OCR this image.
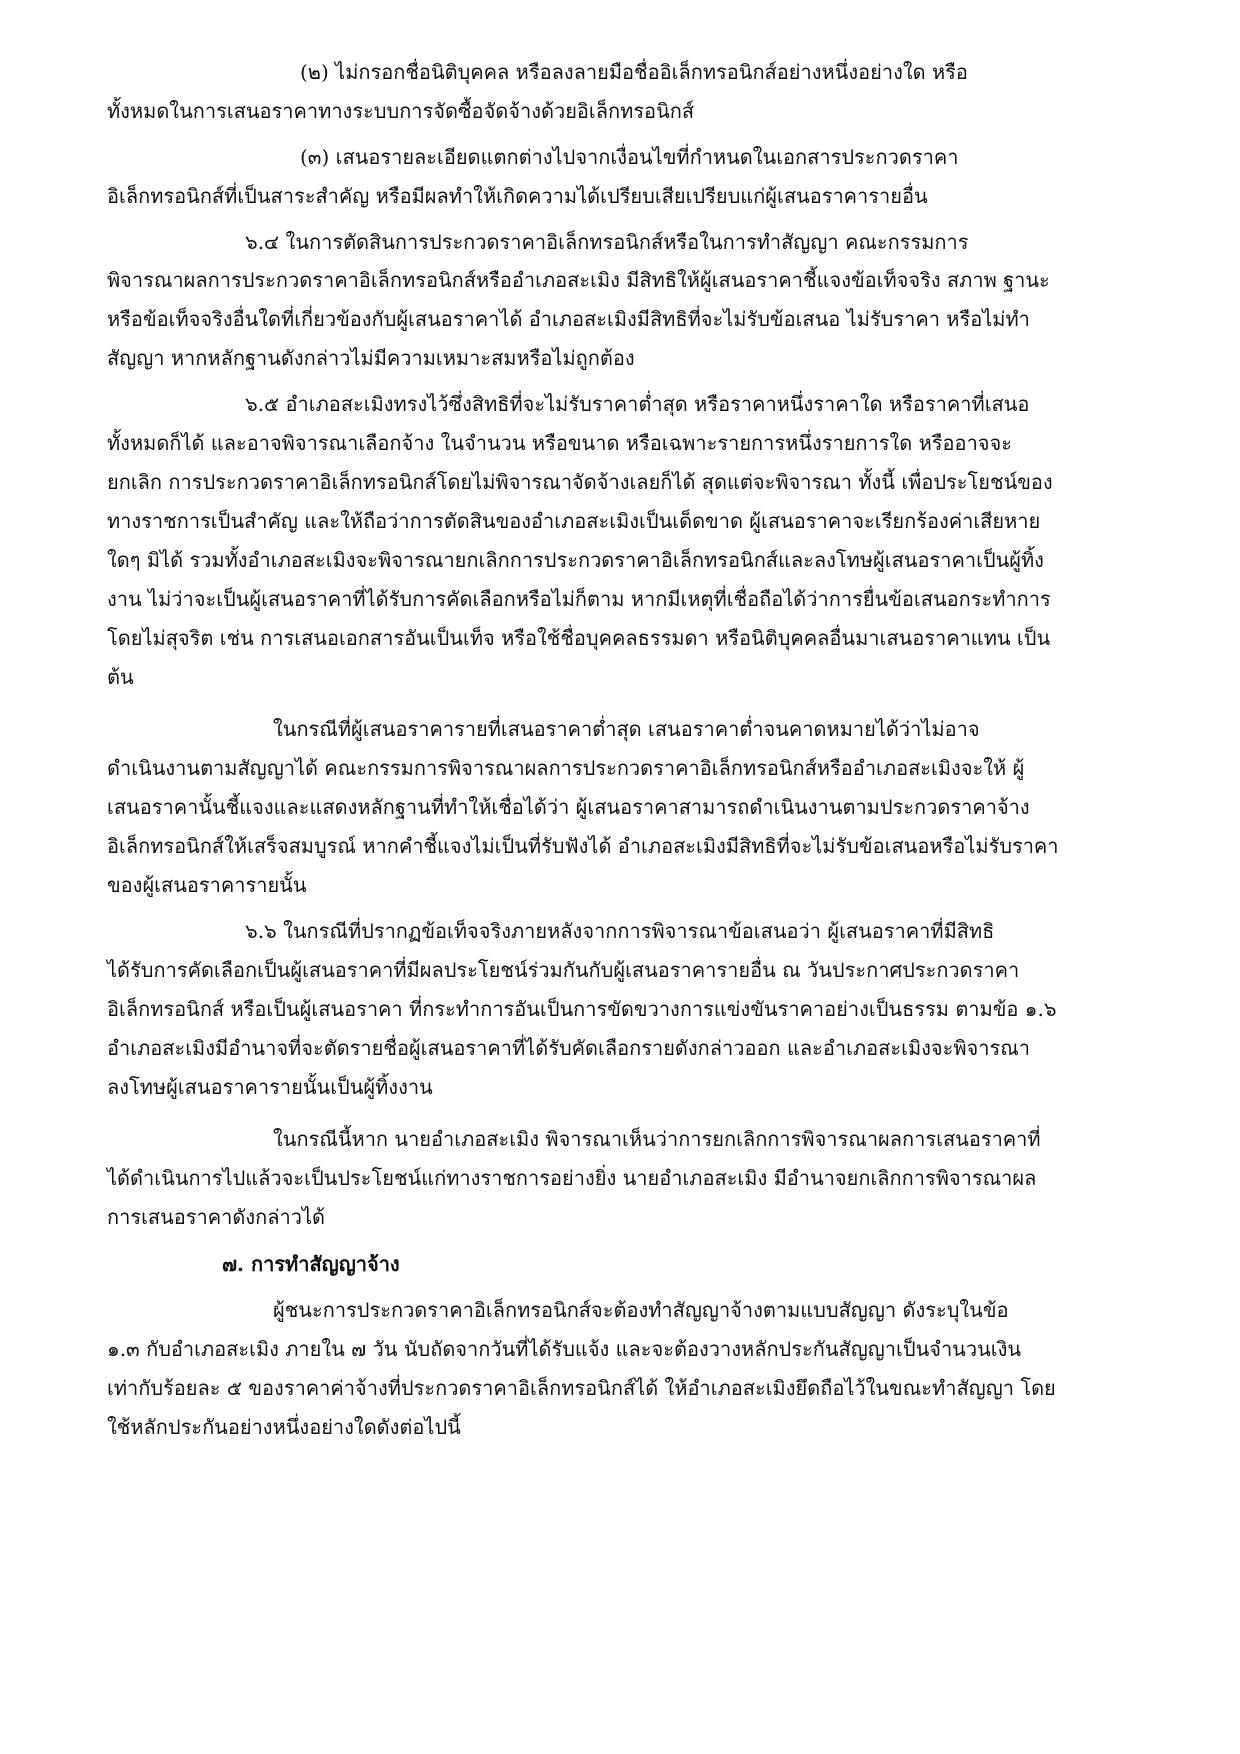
(๒) ไม่กรอกชื่อนิติบุคคล หรือลงลายมือชื่ออิเล็กทรอนิกส์อย่างหนึ่งอย่างใด หรือ
ทั้งหมดในการเสนอราคาทางระบบการจัดซื้อจัดจ้างด้วยอิเล็กทรอนิกส์
(๓) เสนอรายละเอียดแตกต่างไปจากเงื่อนไขที่กำหนดในเอกสารประกวดราคา
อิเล็กทรอนิกส์ที่เป็นสาระสำคัญ หรือมีผลทำให้เกิดความได้เปรียบเสียเปรียบแก่ผู้เสนอราคารายอื่น
๖.๔ ในการตัดสินการประกวดราคาอิเล็กทรอนิกส์หรือในการทำสัญญา คณะกรรมการ
พิจารณาผลการประกวดราคาอิเล็กทรอนิกส์หรืออำเภอสะเมิง มีสิทธิให้ผู้เสนอราคาชี้แจงข้อเท็จจริง สภาพ ฐานะ
หรือข้อเท็จจริงอื่นใดที่เกี่ยวข้องกับผู้เสนอราคาได้ อำเภอสะเมิงมีสิทธิที่จะไม่รับข้อเสนอ ไม่รับราคา หรือไม่ทำ
สัญญา หากหลักฐานดังกล่าวไม่มีความเหมาะสมหรือไม่ถูกต้อง
๖.๕ อำเภอสะเมิงทรงไว้ซึ่งสิทธิที่จะไม่รับราคาต่ำสุด หรือราคาหนึ่งราคาใด หรือราคาที่เสนอ
ทั้งหมดก็ได้ และอาจพิจารณาเลือกจ้าง ในจำนวน หรือขนาด หรือเฉพาะรายการหนึ่งรายการใด หรืออาจจะ
ยกเลิก การประกวดราคาอิเล็กทรอนิกส์โดยไม่พิจารณาจัดจ้างเลยก็ได้ สุดแต่จะพิจารณา ทั้งนี้ เพื่อประโยชน์ของ
ทางราชการเป็นสำคัญ และให้ถือว่าการตัดสินของอำเภอสะเมิงเป็นเด็ดขาด ผู้เสนอราคาจะเรียกร้องค่าเสียหาย
ใดๆ มิได้ รวมทั้งอำเภอสะเมิงจะพิจารณายกเลิกการประกวดราคาอิเล็กทรอนิกส์และลงโทษผู้เสนอราคาเป็นผู้ทิ้ง
งาน ไม่ว่าจะเป็นผู้เสนอราคาที่ได้รับการคัดเลือกหรือไม่ก็ตาม หากมีเหตุที่เชื่อถือได้ว่าการยื่นข้อเสนอกระทำการ
โดยไม่สุจริต เช่น การเสนอเอกสารอันเป็นเท็จ หรือใช้ชื่อบุคคลธรรมดา หรือนิติบุคคลอื่นมาเสนอราคาแทน เป็น
ต้น
ในกรณีที่ผู้เสนอราคารายที่เสนอราคาต่ำสุด เสนอราคาต่ำจนคาดหมายได้ว่าไม่อาจ
ดำเนินงานตามสัญญาได้ คณะกรรมการพิจารณาผลการประกวดราคาอิเล็กทรอนิกส์หรืออำเภอสะเมิงจะให้ ผู้
เสนอราคานั้นชี้แจงและแสดงหลักฐานที่ทำให้เชื่อได้ว่า ผู้เสนอราคาสามารถดำเนินงานตามประกวดราคาจ้าง
อิเล็กทรอนิกส์ให้เสร็จสมบูรณ์ หากคำชี้แจงไม่เป็นที่รับฟังได้ อำเภอสะเมิงมีสิทธิที่จะไม่รับข้อเสนอหรือไม่รับราคา
ของผู้เสนอราคารายนั้น
๖.๖ ในกรณีที่ปรากฏข้อเท็จจริงภายหลังจากการพิจารณาข้อเสนอว่า ผู้เสนอราคาที่มีสิทธิ
ได้รับการคัดเลือกเป็นผู้เสนอราคาที่มีผลประโยชน์ร่วมกันกับผู้เสนอราคารายอื่น ณ วันประกาศประกวดราคา
อิเล็กทรอนิกส์ หรือเป็นผู้เสนอราคา ที่กระทำการอันเป็นการขัดขวางการแข่งขันราคาอย่างเป็นธรรม ตามข้อ ๑.๖
อำเภอสะเมิงมีอำนาจที่จะตัดรายชื่อผู้เสนอราคาที่ได้รับคัดเลือกรายดังกล่าวออก และอำเภอสะเมิงจะพิจารณา
ลงโทษผู้เสนอราคารายนั้นเป็นผู้ทิ้งงาน
ในกรณีนี้หาก นายอำเภอสะเมิง พิจารณาเห็นว่าการยกเลิกการพิจารณาผลการเสนอราคาที่
ได้ดำเนินการไปแล้วจะเป็นประโยชน์แก่ทางราชการอย่างยิ่ง นายอำเภอสะเมิง มีอำนาจยกเลิกการพิจารณาผล
การเสนอราคาดังกล่าวได้
๗. การทำสัญญาจ้าง
ผู้ชนะการประกวดราคาอิเล็กทรอนิกส์จะต้องทำสัญญาจ้างตามแบบสัญญา ดังระบุในข้อ
๑.๓ กับอำเภอสะเมิง ภายใน ๗ วัน นับถัดจากวันที่ได้รับแจ้ง และจะต้องวางหลักประกันสัญญาเป็นจำนวนเงิน
เท่ากับร้อยละ ๕ ของราคาค่าจ้างที่ประกวดราคาอิเล็กทรอนิกส์ได้ ให้อำเภอสะเมิงยึดถือไว้ในขณะทำสัญญา โดย
ใช้หลักประกันอย่างหนึ่งอย่างใดดังต่อไปนี้
